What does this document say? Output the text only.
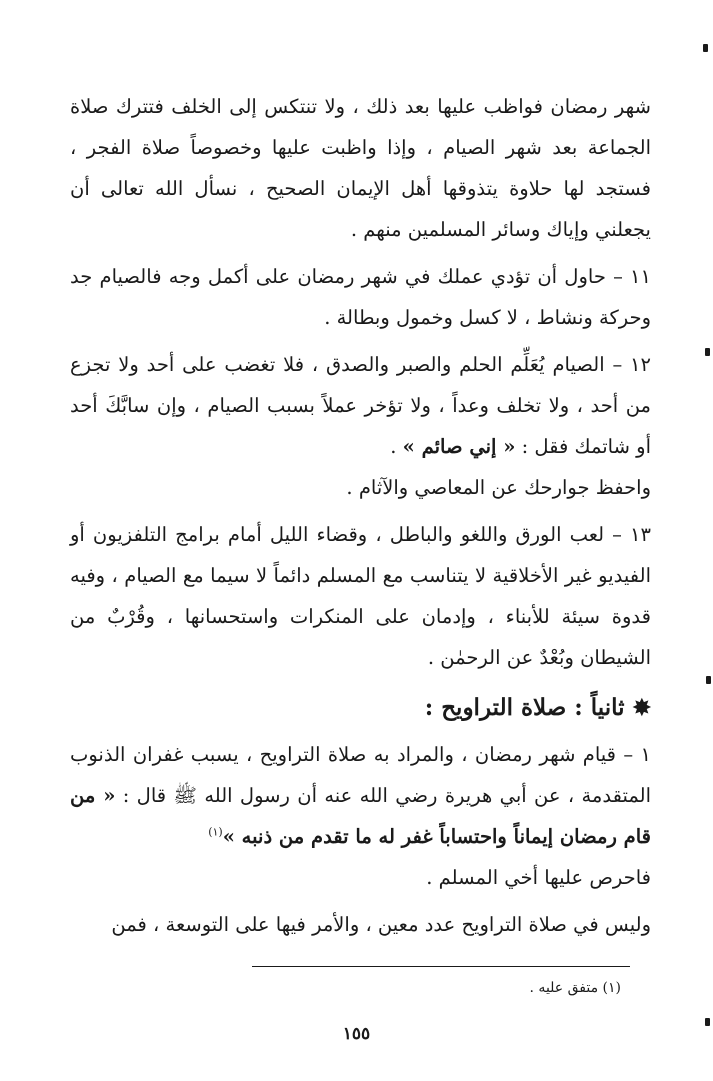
شهر رمضان فواظب عليها بعد ذلك ، ولا تنتكس إلى الخلف فتترك صلاة الجماعة بعد شهر الصيام ، وإذا واظبت عليها وخصوصاً صلاة الفجر ، فستجد لها حلاوة يتذوقها أهل الإيمان الصحيح ، نسأل الله تعالى أن يجعلني وإياك وسائر المسلمين منهم .

١١ – حاول أن تؤدي عملك في شهر رمضان على أكمل وجه فالصيام جد وحركة ونشاط ، لا كسل وخمول وبطالة .

١٢ – الصيام يُعَلِّم الحلم والصبر والصدق ، فلا تغضب على أحد ولا تجزع من أحد ، ولا تخلف وعداً ، ولا تؤخر عملاً بسبب الصيام ، وإن سابَّكَ أحد أو شاتمك فقل : « إني صائم » .

واحفظ جوارحك عن المعاصي والآثام .

١٣ – لعب الورق واللغو والباطل ، وقضاء الليل أمام برامج التلفزيون أو الفيديو غير الأخلاقية لا يتناسب مع المسلم دائماً لا سيما مع الصيام ، وفيه قدوة سيئة للأبناء ، وإدمان على المنكرات واستحسانها ، وقُرْبٌ من الشيطان وبُعْدٌ عن الرحمٰن .

✸ثانياً : صلاة التراويح :

١ – قيام شهر رمضان ، والمراد به صلاة التراويح ، يسبب غفران الذنوب المتقدمة ، عن أبي هريرة رضي الله عنه أن رسول الله ﷺ قال : « من قام رمضان إيماناً واحتساباً غفر له ما تقدم من ذنبه »$^{(١)}$

فاحرص عليها أخي المسلم .

وليس في صلاة التراويح عدد معين ، والأمر فيها على التوسعة ، فمن

(١) متفق عليه .
١٥٥
